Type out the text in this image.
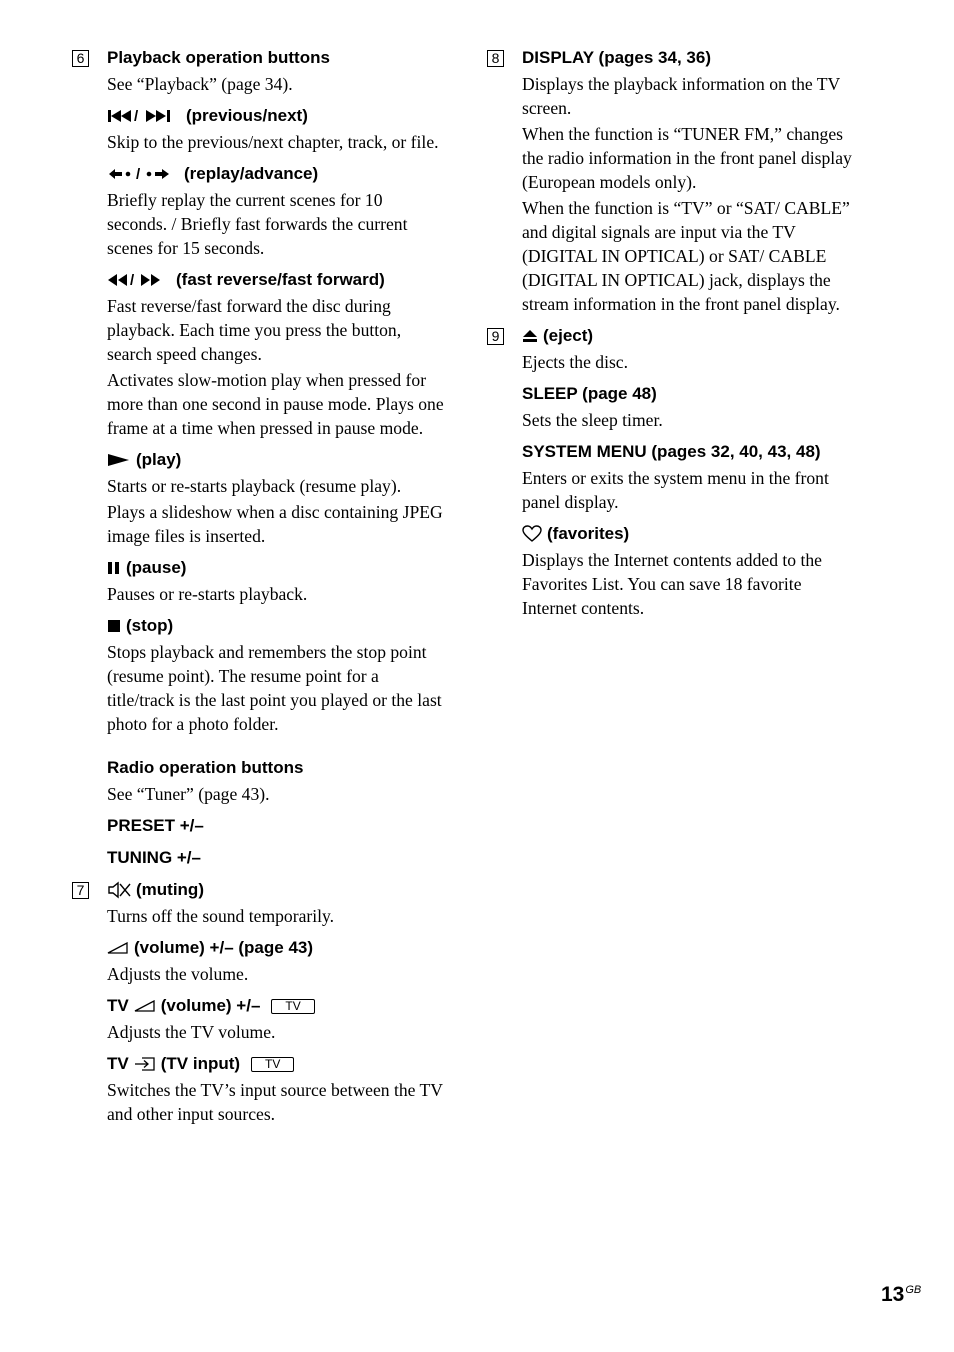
6 Playback operation buttons
See “Playback” (page 34).
/	(previous/next)
Skip to the previous/next chapter, track, or file.
/	(replay/advance)
Briefly replay the current scenes for 10 seconds. / Briefly fast forwards the current scenes for 15 seconds.
/ (fast reverse/fast forward)
Fast reverse/fast forward the disc during playback. Each time you press the button, search speed changes.
Activates slow-motion play when pressed for more than one second in pause mode. Plays one frame at a time when pressed in pause mode.
(play)
Starts or re-starts playback (resume play).
Plays a slideshow when a disc containing JPEG image files is inserted.
(pause)
Pauses or re-starts playback.
(stop)
Stops playback and remembers the stop point (resume point). The resume point for a title/track is the last point you played or the last photo for a photo folder.
Radio operation buttons
See “Tuner” (page 43).
PRESET +/–
TUNING +/–
7	(muting)
Turns off the sound temporarily.
(volume) +/– (page 43)
Adjusts the volume.
TV (volume) +/–	TV
Adjusts the TV volume.
TV (TV input)	TV
Switches the TV’s input source between the TV and other input sources.
8 DISPLAY (pages 34, 36)
Displays the playback information on the TV screen.
When the function is “TUNER FM,” changes the radio information in the front panel display (European models only).
When the function is “TV” or “SAT/ CABLE” and digital signals are input via the TV (DIGITAL IN OPTICAL) or SAT/ CABLE (DIGITAL IN OPTICAL) jack, displays the stream information in the front panel display.
9	(eject)
Ejects the disc.
SLEEP (page 48)
Sets the sleep timer.
SYSTEM MENU (pages 32, 40, 43, 48)
Enters or exits the system menu in the front panel display.
(favorites)
Displays the Internet contents added to the Favorites List. You can save 18 favorite Internet contents.
$13^{GB}$
